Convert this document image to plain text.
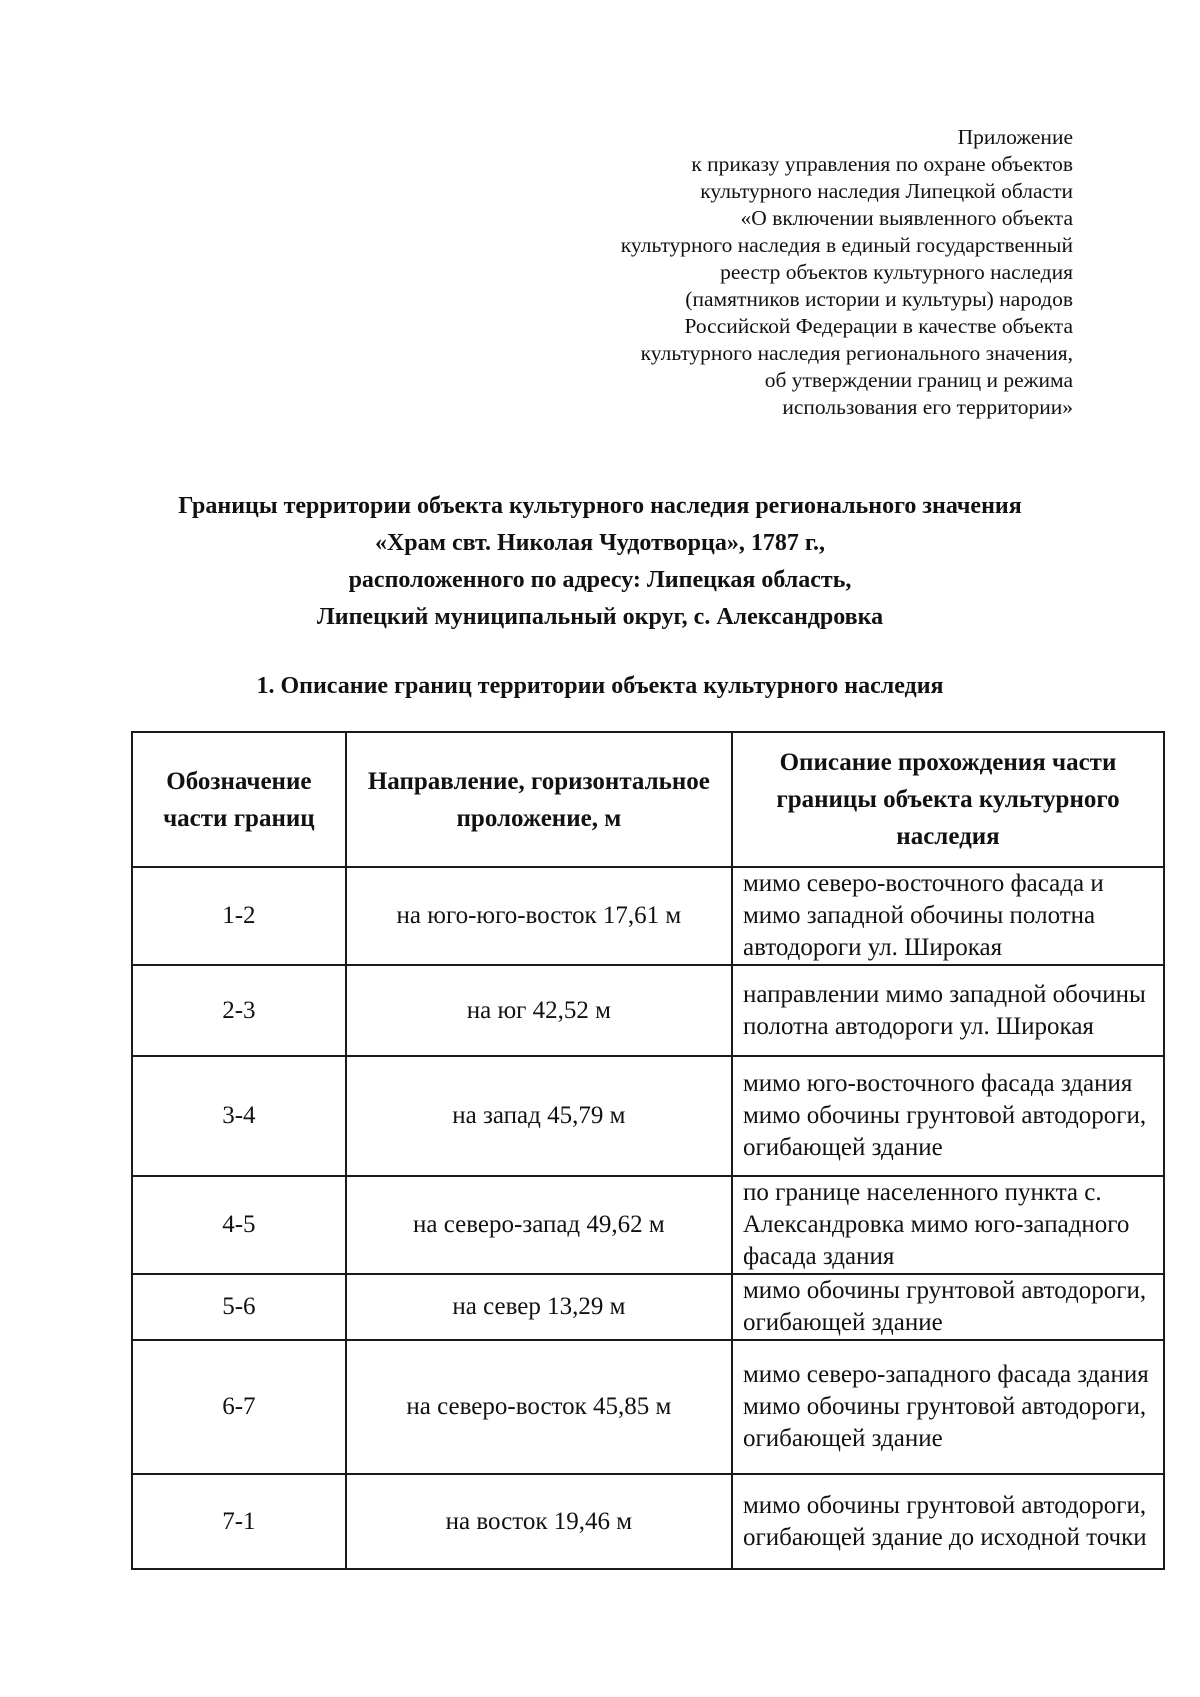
Приложение
к приказу управления по охране объектов
культурного наследия Липецкой области
«О включении выявленного объекта
культурного наследия в единый государственный
реестр объектов культурного наследия
(памятников истории и культуры) народов
Российской Федерации в качестве объекта
культурного наследия регионального значения,
об утверждении границ и режима
использования его территории»
Границы территории объекта культурного наследия регионального значения
«Храм свт. Николая Чудотворца», 1787 г.,
расположенного по адресу: Липецкая область,
Липецкий муниципальный округ, с. Александровка
1. Описание границ территории объекта культурного наследия
Обозначение части границ	Направление, горизонтальное проложение, м	Описание прохождения части границы объекта культурного наследия
1-2	на юго-юго-восток 17,61 м	мимо северо-восточного фасада и мимо западной обочины полотна автодороги ул. Широкая
2-3	на юг 42,52 м	направлении мимо западной обочины полотна автодороги ул. Широкая
3-4	на запад 45,79 м	мимо юго-восточного фасада здания мимо обочины грунтовой автодороги, огибающей здание
4-5	на северо-запад 49,62 м	по границе населенного пункта с. Александровка мимо юго-западного фасада здания
5-6	на север 13,29 м	мимо обочины грунтовой автодороги, огибающей здание
6-7	на северо-восток 45,85 м	мимо северо-западного фасада здания мимо обочины грунтовой автодороги, огибающей здание
7-1	на восток 19,46 м	мимо обочины грунтовой автодороги, огибающей здание до исходной точки
